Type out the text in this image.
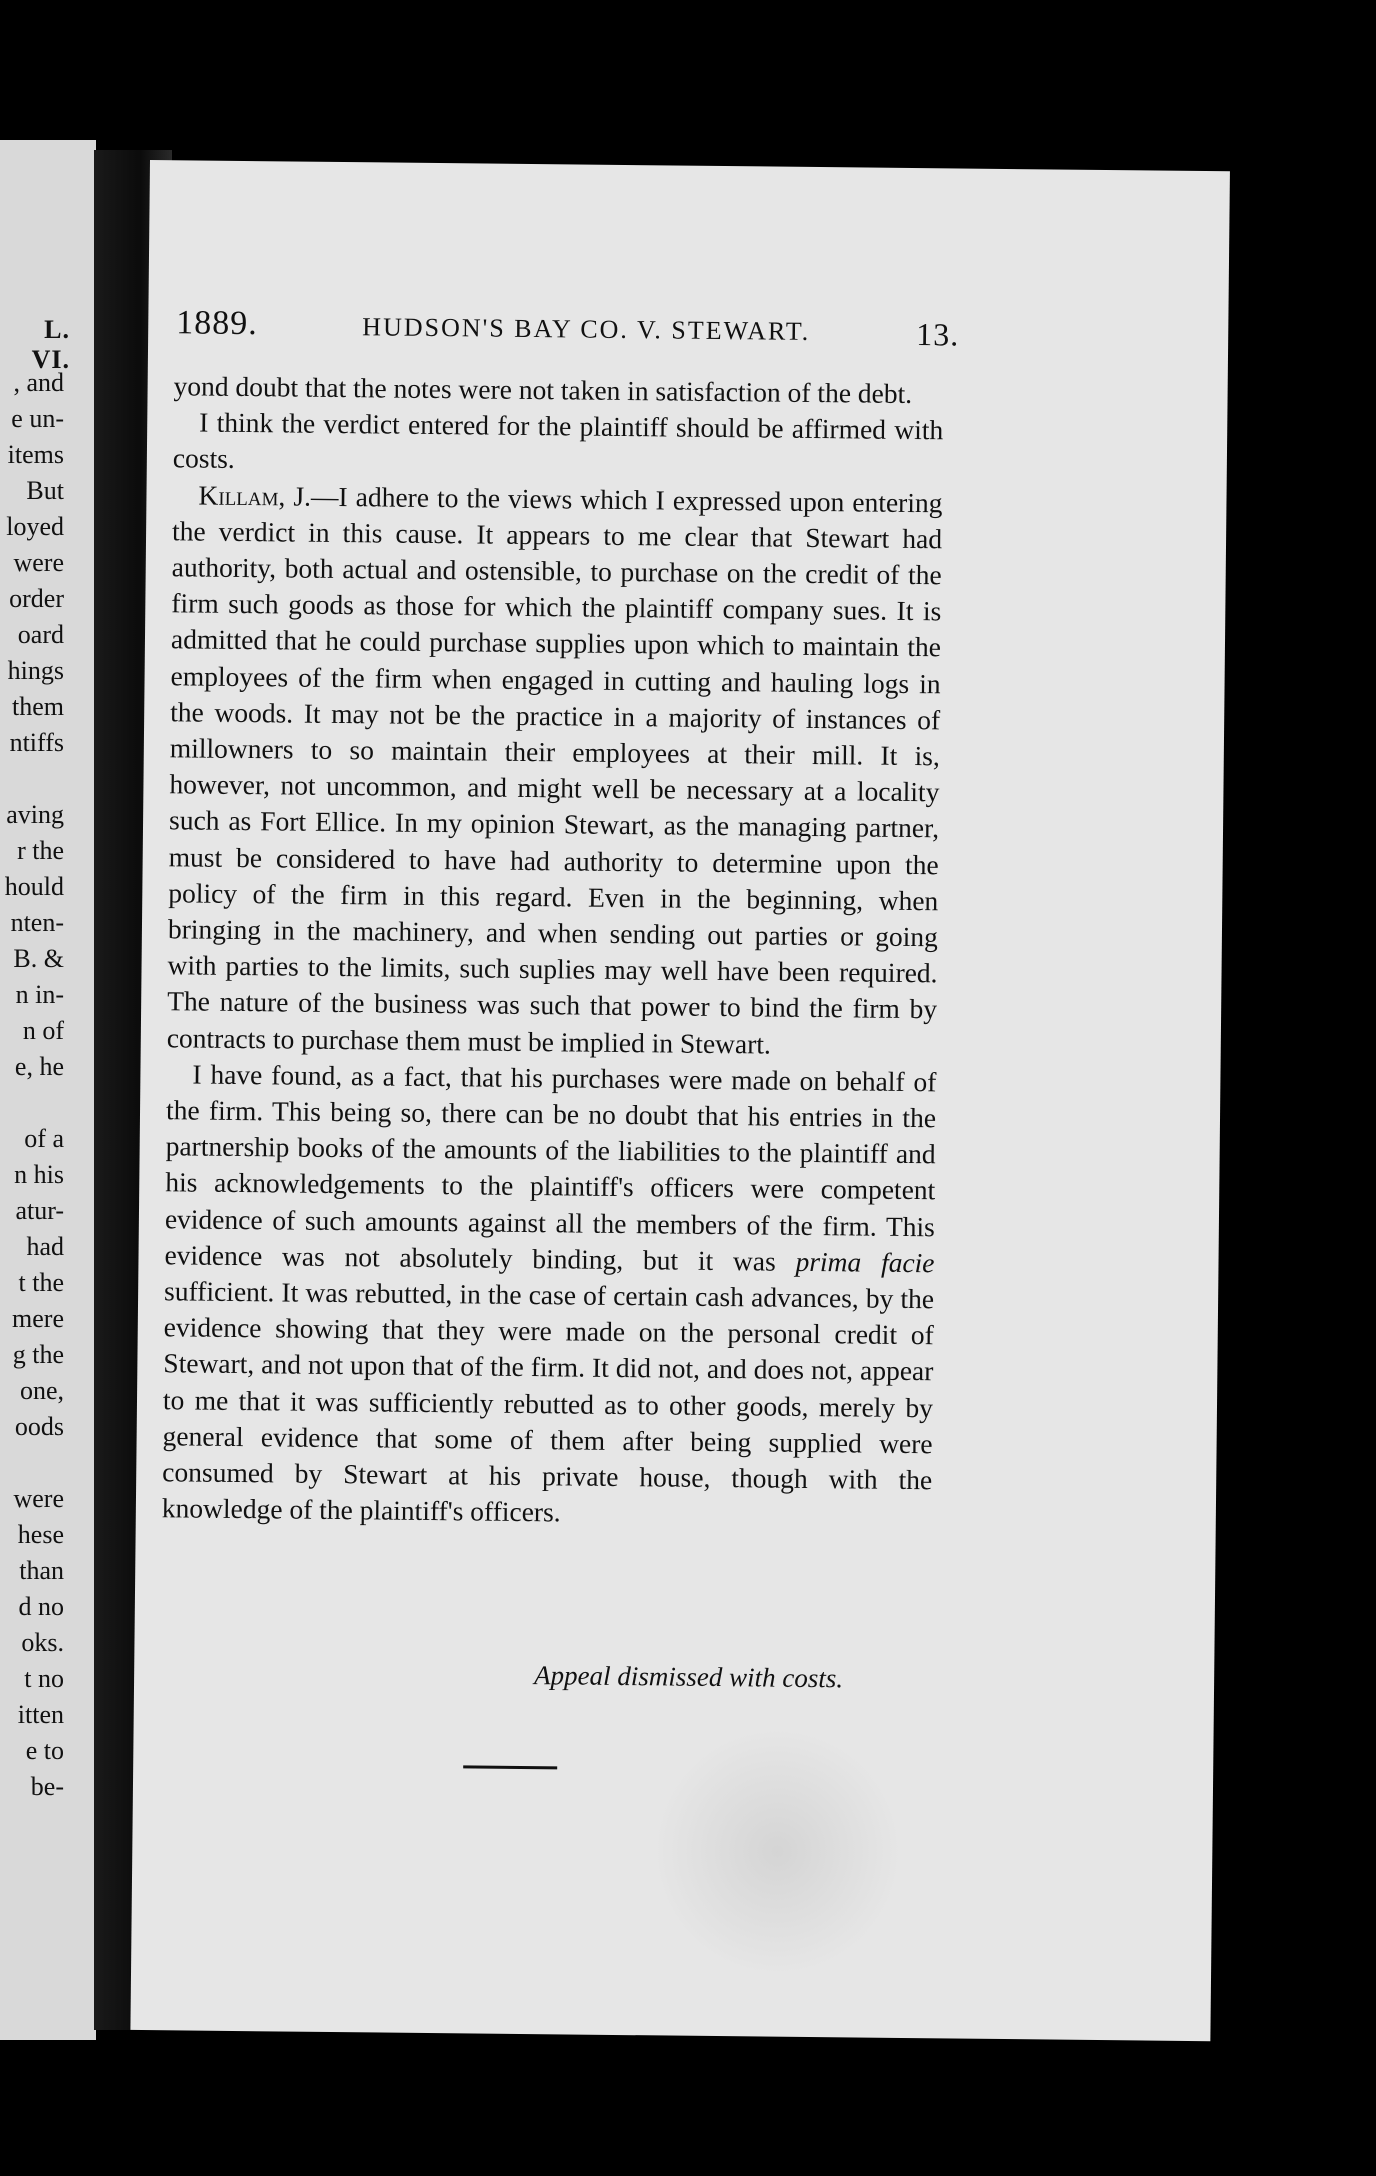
L. VI.
, and
e un-
items
But
loyed
were
order
oard
hings
them
ntiffs
aving
r the
hould
nten-
B. &
n in-
n of
e, he
of a
n his
atur-
had
t the
mere
g the
one,
oods
were
hese
than
d no
oks.
t no
itten
e to
be-
1889.	HUDSON'S BAY CO. V. STEWART.	13.

yond doubt that the notes were not taken in satisfaction of the debt.

I think the verdict entered for the plaintiff should be affirmed with costs.

Killam, J.—I adhere to the views which I expressed upon entering the verdict in this cause. It appears to me clear that Stewart had authority, both actual and ostensible, to purchase on the credit of the firm such goods as those for which the plaintiff company sues. It is admitted that he could purchase supplies upon which to maintain the employees of the firm when engaged in cutting and hauling logs in the woods. It may not be the practice in a majority of instances of millowners to so maintain their employees at their mill. It is, however, not uncommon, and might well be necessary at a locality such as Fort Ellice. In my opinion Stewart, as the managing partner, must be considered to have had authority to determine upon the policy of the firm in this regard. Even in the beginning, when bringing in the machinery, and when sending out parties or going with parties to the limits, such suplies may well have been required. The nature of the business was such that power to bind the firm by contracts to purchase them must be implied in Stewart.

I have found, as a fact, that his purchases were made on behalf of the firm. This being so, there can be no doubt that his entries in the partnership books of the amounts of the liabilities to the plaintiff and his acknowledgements to the plaintiff's officers were competent evidence of such amounts against all the members of the firm. This evidence was not absolutely binding, but it was prima facie sufficient. It was rebutted, in the case of certain cash advances, by the evidence showing that they were made on the personal credit of Stewart, and not upon that of the firm. It did not, and does not, appear to me that it was sufficiently rebutted as to other goods, merely by general evidence that some of them after being supplied were consumed by Stewart at his private house, though with the knowledge of the plaintiff's officers.

Appeal dismissed with costs.
